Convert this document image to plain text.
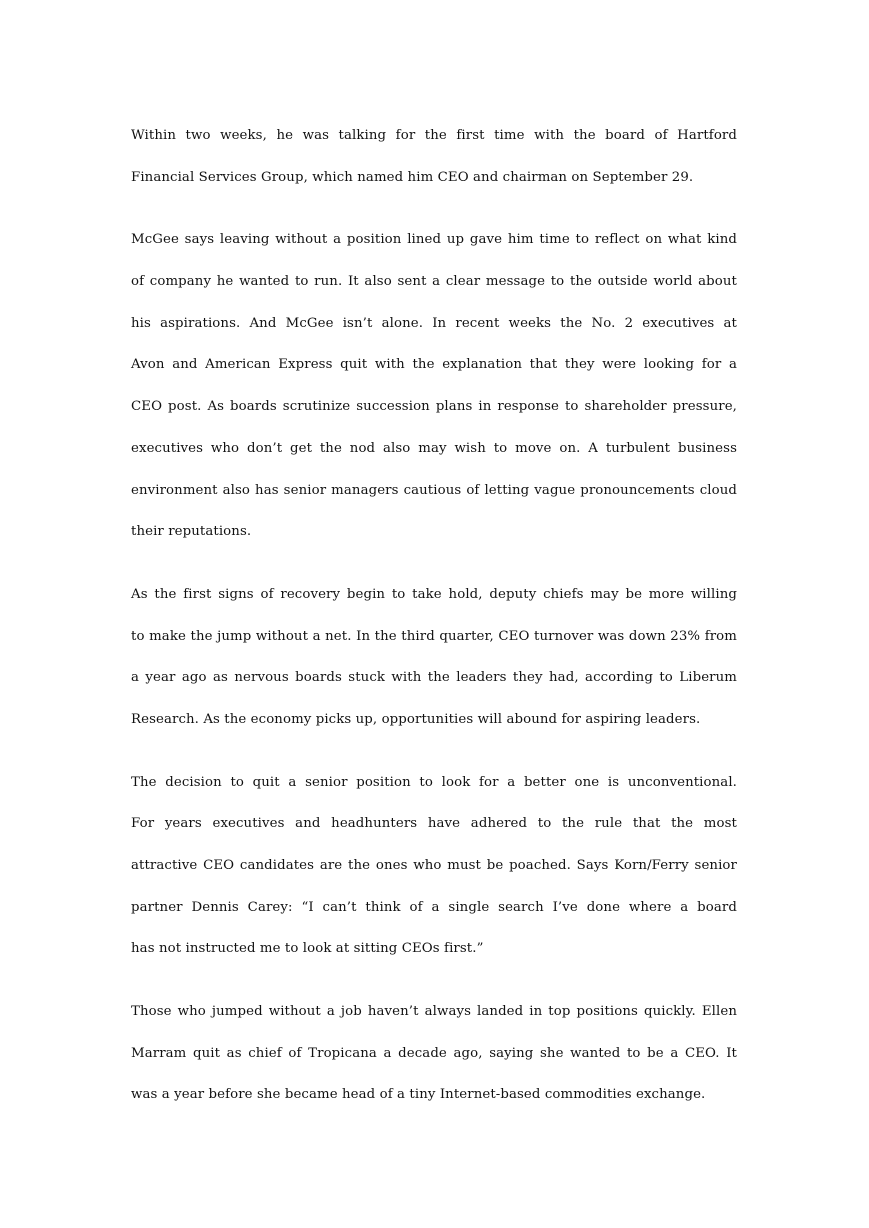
Within two weeks, he was talking for the first time with the board of Hartford
Financial Services Group, which named him CEO and chairman on September 29.
McGee says leaving without a position lined up gave him time to reflect on what kind
of company he wanted to run. It also sent a clear message to the outside world about
his aspirations. And McGee isn’t alone. In recent weeks the No. 2 executives at
Avon and American Express quit with the explanation that they were looking for a
CEO post. As boards scrutinize succession plans in response to shareholder pressure,
executives who don’t get the nod also may wish to move on. A turbulent business
environment also has senior managers cautious of letting vague pronouncements cloud
their reputations.
As the first signs of recovery begin to take hold, deputy chiefs may be more willing
to make the jump without a net. In the third quarter, CEO turnover was down 23% from
a year ago as nervous boards stuck with the leaders they had, according to Liberum
Research. As the economy picks up, opportunities will abound for aspiring leaders.
The decision to quit a senior position to look for a better one is unconventional.
For years executives and headhunters have adhered to the rule that the most
attractive CEO candidates are the ones who must be poached. Says Korn/Ferry senior
partner Dennis Carey: “I can’t think of a single search I’ve done where a board
has not instructed me to look at sitting CEOs first.”
Those who jumped without a job haven’t always landed in top positions quickly. Ellen
Marram quit as chief of Tropicana a decade ago, saying she wanted to be a CEO. It
was a year before she became head of a tiny Internet-based commodities exchange.
